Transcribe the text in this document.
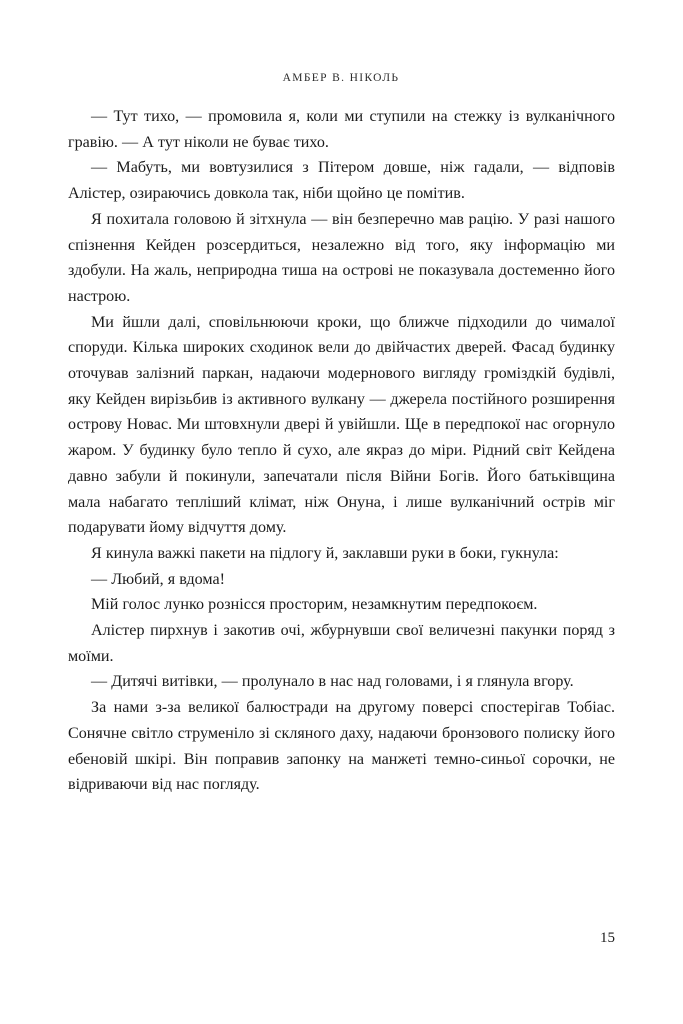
АМБЕР В. НІКОЛЬ

— Тут тихо, — промовила я, коли ми ступили на стежку із вулканічного гравію. — А тут ніколи не буває тихо.

— Мабуть, ми вовтузилися з Пітером довше, ніж гадали, — відповів Алістер, озираючись довкола так, ніби щойно це помітив.

Я похитала головою й зітхнула — він безперечно мав рацію. У разі нашого спізнення Кейден розсердиться, незалежно від того, яку інформацію ми здобули. На жаль, неприродна тиша на острові не показувала достеменно його настрою.

Ми йшли далі, сповільнюючи кроки, що ближче підходили до чималої споруди. Кілька широких сходинок вели до двійчастих дверей. Фасад будинку оточував залізний паркан, надаючи модернового вигляду громіздкій будівлі, яку Кейден вирізьбив із активного вулкану — джерела постійного розширення острову Новас. Ми штовхнули двері й увійшли. Ще в передпокої нас огорнуло жаром. У будинку було тепло й сухо, але якраз до міри. Рідний світ Кейдена давно забули й покинули, запечатали після Війни Богів. Його батьківщина мала набагато тепліший клімат, ніж Онуна, і лише вулканічний острів міг подарувати йому відчуття дому.

Я кинула важкі пакети на підлогу й, заклавши руки в боки, гукнула:

— Любий, я вдома!

Мій голос лунко рознісся просторим, незамкнутим передпокоєм.

Алістер пирхнув і закотив очі, жбурнувши свої величезні пакунки поряд з моїми.

— Дитячі витівки, — пролунало в нас над головами, і я глянула вгору.

За нами з-за великої балюстради на другому поверсі спостерігав Тобіас. Сонячне світло струменіло зі скляного даху, надаючи бронзового полиску його ебеновій шкірі. Він поправив запонку на манжеті темно-синьої сорочки, не відриваючи від нас погляду.

15
